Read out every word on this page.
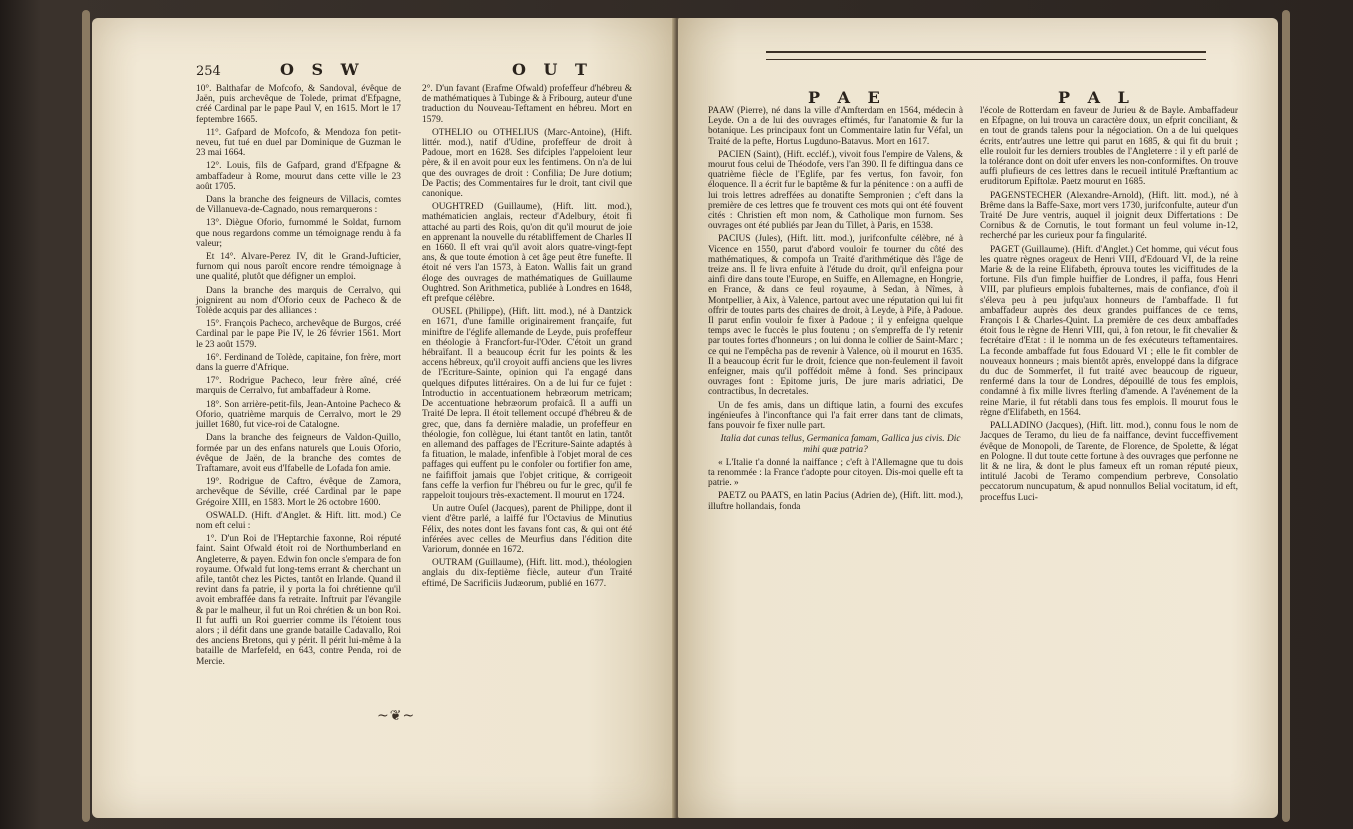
254	O S W	O U T

10°. Balthafar de Mofcofo, & Sandoval, évêque de Jaën, puis archevêque de Tolede, primat d'Efpagne, créé Cardinal par le pape Paul V, en 1615. Mort le 17 feptembre 1665.

11°. Gafpard de Mofcofo, & Mendoza fon petit-neveu, fut tué en duel par Dominique de Guzman le 23 mai 1664.

12°. Louis, fils de Gafpard, grand d'Efpagne & ambaffadeur à Rome, mourut dans cette ville le 23 août 1705.

Dans la branche des feigneurs de Villacis, comtes de Villanueva-de-Cagnado, nous remarquerons :

13°. Diègue Oforio, furnommé le Soldat, furnom que nous regardons comme un témoignage rendu à fa valeur;

Et 14°. Alvare-Perez IV, dit le Grand-Jufticier, furnom qui nous paroît encore rendre témoignage à une qualité, plutôt que défigner un emploi.

Dans la branche des marquis de Cerralvo, qui joignirent au nom d'Oforio ceux de Pacheco & de Tolède acquis par des alliances :

15°. François Pacheco, archevêque de Burgos, créé Cardinal par le pape Pie IV, le 26 février 1561. Mort le 23 août 1579.

16°. Ferdinand de Tolède, capitaine, fon frère, mort dans la guerre d'Afrique.

17°. Rodrigue Pacheco, leur frère aîné, créé marquis de Cerralvo, fut ambaffadeur à Rome.

18°. Son arrière-petit-fils, Jean-Antoine Pacheco & Oforio, quatrième marquis de Cerralvo, mort le 29 juillet 1680, fut vice-roi de Catalogne.

Dans la branche des feigneurs de Valdon-Quillo, formée par un des enfans naturels que Louis Oforio, évêque de Jaën, de la branche des comtes de Traftamare, avoit eus d'Ifabelle de Lofada fon amie.

19°. Rodrigue de Caftro, évêque de Zamora, archevêque de Séville, créé Cardinal par le pape Grégoire XIII, en 1583. Mort le 26 octobre 1600.

OSWALD. (Hift. d'Anglet. & Hift. litt. mod.) Ce nom eft celui :

1°. D'un Roi de l'Heptarchie faxonne, Roi réputé faint. Saint Ofwald étoit roi de Northumberland en Angleterre, & payen. Edwin fon oncle s'empara de fon royaume. Ofwald fut long-tems errant & cherchant un afile, tantôt chez les Pictes, tantôt en Irlande. Quand il revint dans fa patrie, il y porta la foi chrétienne qu'il avoit embraffée dans fa retraite. Inftruit par l'évangile & par le malheur, il fut un Roi chrétien & un bon Roi. Il fut auffi un Roi guerrier comme ils l'étoient tous alors ; il défit dans une grande bataille Cadavallo, Roi des anciens Bretons, qui y périt. Il périt lui-même à la bataille de Marfefeld, en 643, contre Penda, roi de Mercie.

2°. D'un favant (Erafme Ofwald) profeffeur d'hébreu & de mathématiques à Tubinge & à Fribourg, auteur d'une traduction du Nouveau-Teftament en hébreu. Mort en 1579.

OTHELIO ou OTHELIUS (Marc-Antoine), (Hift. littér. mod.), natif d'Udine, profeffeur de droit à Padoue, mort en 1628. Ses difciples l'appeloient leur père, & il en avoit pour eux les fentimens. On n'a de lui que des ouvrages de droit : Confilia; De Jure dotium; De Pactis; des Commentaires fur le droit, tant civil que canonique.

OUGHTRED (Guillaume), (Hift. litt. mod.), mathématicien anglais, recteur d'Adelbury, étoit fi attaché au parti des Rois, qu'on dit qu'il mourut de joie en apprenant la nouvelle du rétabliffement de Charles II en 1660. Il eft vrai qu'il avoit alors quatre-vingt-fept ans, & que toute émotion à cet âge peut être funefte. Il étoit né vers l'an 1573, à Eaton. Wallis fait un grand éloge des ouvrages de mathématiques de Guillaume Oughtred. Son Arithmetica, publiée à Londres en 1648, eft prefque célèbre.

OUSEL (Philippe), (Hift. litt. mod.), né à Dantzick en 1671, d'une famille originairement françaife, fut miniftre de l'églife allemande de Leyde, puis profeffeur en théologie à Francfort-fur-l'Oder. C'étoit un grand hébraïfant. Il a beaucoup écrit fur les points & les accens hébreux, qu'il croyoit auffi anciens que les livres de l'Ecriture-Sainte, opinion qui l'a engagé dans quelques difputes littéraires. On a de lui fur ce fujet : Introductio in accentuationem hebræorum metricam; De accentuatione hebræorum profaicâ. Il a auffi un Traité De lepra. Il étoit tellement occupé d'hébreu & de grec, que, dans fa dernière maladie, un profeffeur en théologie, fon collègue, lui étant tantôt en latin, tantôt en allemand des paffages de l'Ecriture-Sainte adaptés à fa fituation, le malade, infenfible à l'objet moral de ces paffages qui euffent pu le confoler ou fortifier fon ame, ne faififfoit jamais que l'objet critique, & corrigeoit fans ceffe la verfion fur l'hébreu ou fur le grec, qu'il fe rappeloit toujours très-exactement. Il mourut en 1724.

Un autre Ouſel (Jacques), parent de Philippe, dont il vient d'être parlé, a laiffé fur l'Octavius de Minutius Félix, des notes dont les favans font cas, & qui ont été inférées avec celles de Meurfius dans l'édition dite Variorum, donnée en 1672.

OUTRAM (Guillaume), (Hift. litt. mod.), théologien anglais du dix-feptième fiècle, auteur d'un Traité eftimé, De Sacrificiis Judæorum, publié en 1677.

~❦~
P A E	P A L

PAAW (Pierre), né dans la ville d'Amfterdam en 1564, médecin à Leyde. On a de lui des ouvrages eftimés, fur l'anatomie & fur la botanique. Les principaux font un Commentaire latin fur Véfal, un Traité de la pefte, Hortus Lugduno-Batavus. Mort en 1617.

PACIEN (Saint), (Hift. eccléf.), vivoit fous l'empire de Valens, & mourut fous celui de Théodofe, vers l'an 390. Il fe diftingua dans ce quatrième fiècle de l'Eglife, par fes vertus, fon favoir, fon éloquence. Il a écrit fur le baptême & fur la pénitence : on a auffi de lui trois lettres adreffées au donatifte Sempronien ; c'eft dans la première de ces lettres que fe trouvent ces mots qui ont été fouvent cités : Christien eft mon nom, & Catholique mon furnom. Ses ouvrages ont été publiés par Jean du Tillet, à Paris, en 1538.

PACIUS (Jules), (Hift. litt. mod.), jurifconfulte célèbre, né à Vicence en 1550, parut d'abord vouloir fe tourner du côté des mathématiques, & compofa un Traité d'arithmétique dès l'âge de treize ans. Il fe livra enfuite à l'étude du droit, qu'il enfeigna pour ainfi dire dans toute l'Europe, en Suiffe, en Allemagne, en Hongrie, en France, & dans ce feul royaume, à Sedan, à Nîmes, à Montpellier, à Aix, à Valence, partout avec une réputation qui lui fit offrir de toutes parts des chaires de droit, à Leyde, à Pife, à Padoue. Il parut enfin vouloir fe fixer à Padoue ; il y enfeigna quelque temps avec le fuccès le plus foutenu ; on s'empreffa de l'y retenir par toutes fortes d'honneurs ; on lui donna le collier de Saint-Marc ; ce qui ne l'empêcha pas de revenir à Valence, où il mourut en 1635. Il a beaucoup écrit fur le droit, fcience que non-feulement il favoit enfeigner, mais qu'il poffédoit même à fond. Ses principaux ouvrages font : Epitome juris, De jure maris adriatici, De contractibus, In decretales.

Un de fes amis, dans un diftique latin, a fourni des excufes ingénieufes à l'inconftance qui l'a fait errer dans tant de climats, fans pouvoir fe fixer nulle part.

Italia dat cunas tellus, Germanica famam, Gallica jus civis. Dic mihi quæ patria?

« L'Italie t'a donné la naiffance ; c'eft à l'Allemagne que tu dois ta renommée : la France t'adopte pour citoyen. Dis-moi quelle eft ta patrie. »

PAETZ ou PAATS, en latin Pacius (Adrien de), (Hift. litt. mod.), illuftre hollandais, fonda

l'école de Rotterdam en faveur de Jurieu & de Bayle. Ambaffadeur en Efpagne, on lui trouva un caractère doux, un efprit conciliant, & en tout de grands talens pour la négociation. On a de lui quelques écrits, entr'autres une lettre qui parut en 1685, & qui fit du bruit ; elle rouloit fur les derniers troubles de l'Angleterre : il y eft parlé de la tolérance dont on doit ufer envers les non-conformiftes. On trouve auffi plufieurs de ces lettres dans le recueil intitulé Præftantium ac eruditorum Epiftolæ. Paetz mourut en 1685.

PAGENSTECHER (Alexandre-Arnold), (Hift. litt. mod.), né à Brême dans la Baffe-Saxe, mort vers 1730, jurifconfulte, auteur d'un Traité De Jure ventris, auquel il joignit deux Differtations : De Cornibus & de Cornutis, le tout formant un feul volume in-12, recherché par les curieux pour fa fingularité.

PAGET (Guillaume). (Hift. d'Anglet.) Cet homme, qui vécut fous les quatre règnes orageux de Henri VIII, d'Edouard VI, de la reine Marie & de la reine Elifabeth, éprouva toutes les viciffitudes de la fortune. Fils d'un fimple huiffier de Londres, il paffa, fous Henri VIII, par plufieurs emplois fubalternes, mais de confiance, d'où il s'éleva peu à peu jufqu'aux honneurs de l'ambaffade. Il fut ambaffadeur auprès des deux grandes puiffances de ce tems, François I & Charles-Quint. La première de ces deux ambaffades étoit fous le règne de Henri VIII, qui, à fon retour, le fit chevalier & fecrétaire d'Etat : il le nomma un de fes exécuteurs teftamentaires. La feconde ambaffade fut fous Edouard VI ; elle le fit combler de nouveaux honneurs ; mais bientôt après, enveloppé dans la difgrace du duc de Sommerfet, il fut traité avec beaucoup de rigueur, renfermé dans la tour de Londres, dépouillé de tous fes emplois, condamné à fix mille livres fterling d'amende. A l'avénement de la reine Marie, il fut rétabli dans tous fes emplois. Il mourut fous le règne d'Elifabeth, en 1564.

PALLADINO (Jacques), (Hift. litt. mod.), connu fous le nom de Jacques de Teramo, du lieu de fa naiffance, devint fucceffivement évêque de Monopoli, de Tarente, de Florence, de Spolette, & légat en Pologne. Il dut toute cette fortune à des ouvrages que perfonne ne lit & ne lira, & dont le plus fameux eft un roman réputé pieux, intitulé Jacobi de Teramo compendium perbreve, Consolatio peccatorum nuncupatum, & apud nonnullos Belial vocitatum, id eft, proceffus Luci-
